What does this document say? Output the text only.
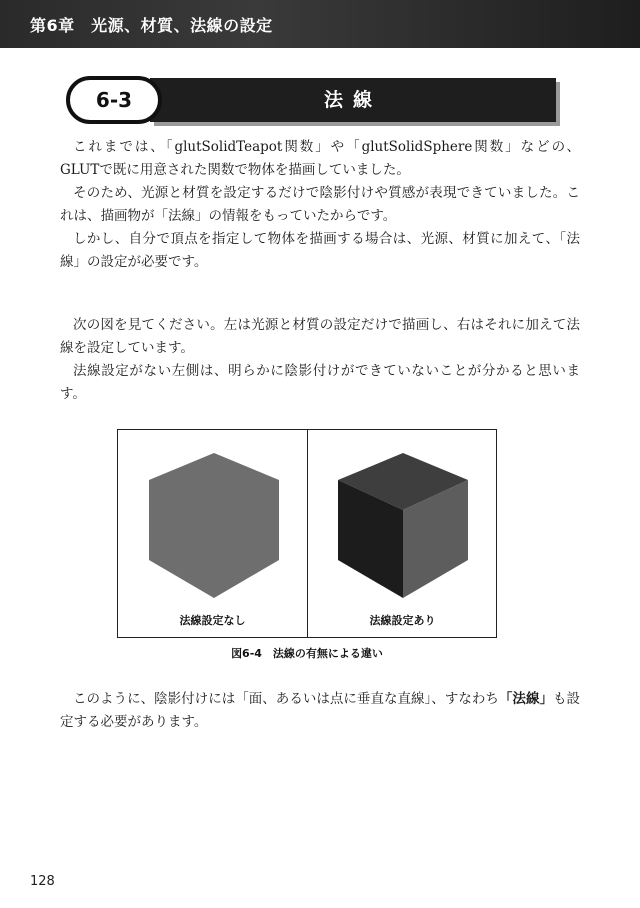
第6章　光源、材質、法線の設定
法線
6-3

これまでは、「glutSolidTeapot関数」や「glutSolidSphere関数」などの、GLUTで既に用意された関数で物体を描画していました。

そのため、光源と材質を設定するだけで陰影付けや質感が表現できていました。これは、描画物が「法線」の情報をもっていたからです。

しかし、自分で頂点を指定して物体を描画する場合は、光源、材質に加えて、「法線」の設定が必要です。

次の図を見てください。左は光源と材質の設定だけで描画し、右はそれに加えて法線を設定しています。

法線設定がない左側は、明らかに陰影付けができていないことが分かると思います。

法線設定なし	法線設定あり
図6-4　法線の有無による違い

このように、陰影付けには「面、あるいは点に垂直な直線」、すなわち「法線」も設定する必要があります。

128
